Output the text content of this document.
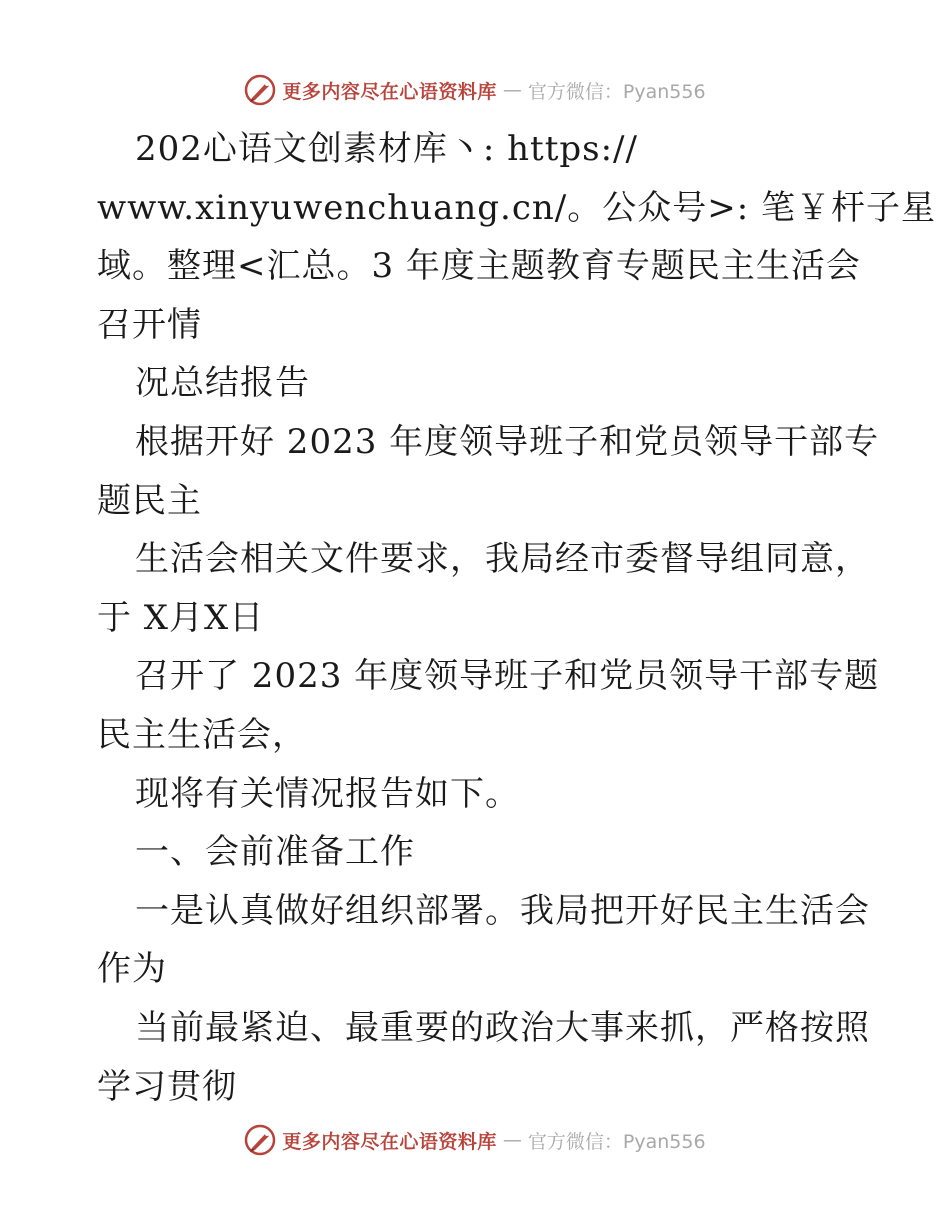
更多内容尽在心语资料库 — 官方微信：Pyan556
202心语文创素材库丶: https://
www.xinyuwenchuang.cn/。公众号>: 笔￥杆子星
域。整理<汇总。3 年度主题教育专题民主生活会
召开情
况总结报告
根据开好 2023 年度领导班子和党员领导干部专
题民主
生活会相关文件要求，我局经市委督导组同意，
于 X月X日
召开了 2023 年度领导班子和党员领导干部专题
民主生活会，
现将有关情况报告如下。
一、会前准备工作
一是认真做好组织部署。我局把开好民主生活会
作为
当前最紧迫、最重要的政治大事来抓，严格按照
学习贯彻
更多内容尽在心语资料库 — 官方微信：Pyan556
